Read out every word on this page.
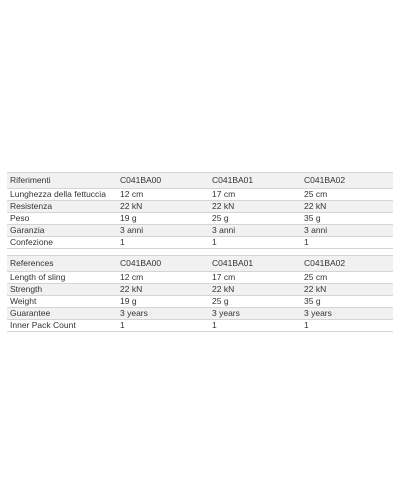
Riferimenti	C041BA00	C041BA01	C041BA02
Lunghezza della fettuccia	12 cm	17 cm	25 cm
Resistenza	22 kN	22 kN	22 kN
Peso	19 g	25 g	35 g
Garanzia	3 anni	3 anni	3 anni
Confezione	1	1	1
References	C041BA00	C041BA01	C041BA02
Length of sling	12 cm	17 cm	25 cm
Strength	22 kN	22 kN	22 kN
Weight	19 g	25 g	35 g
Guarantee	3 years	3 years	3 years
Inner Pack Count	1	1	1
